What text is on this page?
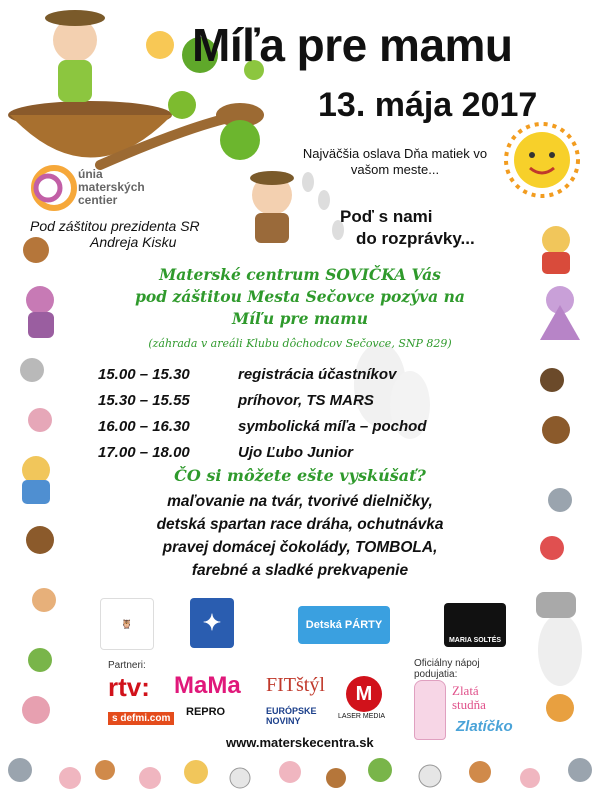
Míľa pre mamu
13. mája 2017
Najväčšia oslava Dňa matiek vo vašom meste...
únia
materských
centier
Pod záštitou prezidenta SR
Andreja Kisku
Poď s nami
do rozprávky...
Materské centrum SOVIČKA Vás
pod záštitou Mesta Sečovce pozýva na
Míľu pre mamu
(záhrada v areáli Klubu dôchodcov Sečovce, SNP 829)
15.00 – 15.30	registrácia účastníkov
15.30 – 15.55	príhovor, TS MARS
16.00 – 16.30	symbolická míľa – pochod
17.00 – 18.00	Ujo Ľubo Junior
ČO si môžete ešte vyskúšať?
maľovanie na tvár, tvorivé dielničky,
detská spartan race dráha, ochutnávka
pravej domácej čokolády, TOMBOLA,
farebné a sladké prekvapenie
🦉	✦	Detská PÁRTY
MARIA SOLTÉS
Partneri:	Oficiálny nápoj
podujatia:
rtv: MaMa FITštýl	M
LASER MEDIA
Zlatá studňa
Zlatíčko
s defmi.com
REPRO	EURÓPSKE NOVINY
www.materskecentra.sk
